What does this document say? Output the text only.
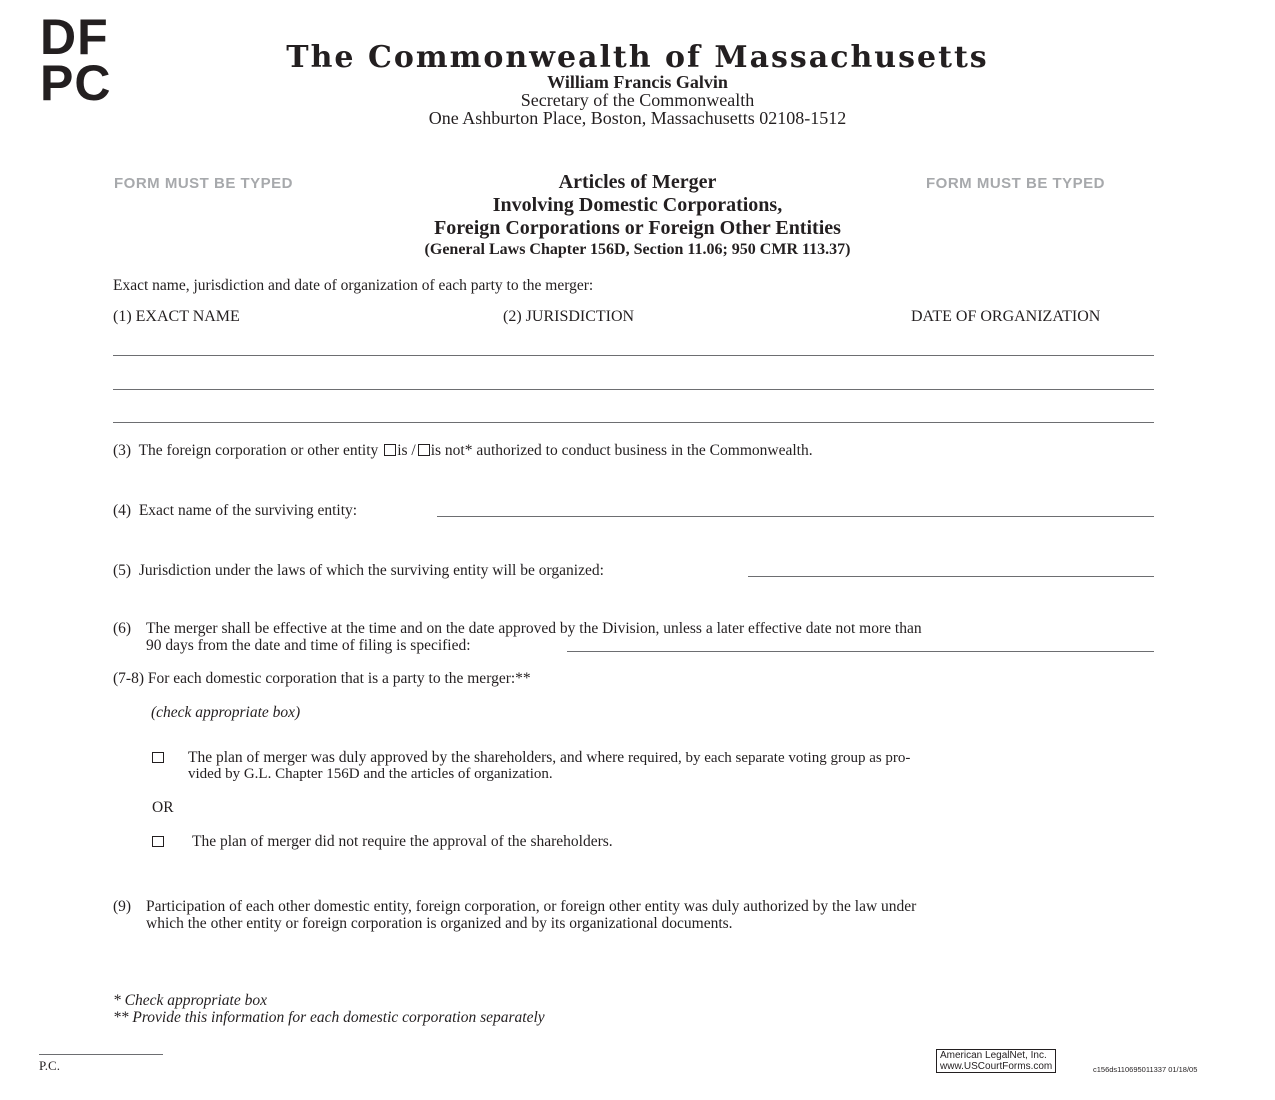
DF
PC	The Commonwealth of Massachusetts
William Francis Galvin
Secretary of the Commonwealth
One Ashburton Place, Boston, Massachusetts 02108-1512
FORM MUST BE TYPED	FORM MUST BE TYPED
Articles of Merger
Involving Domestic Corporations,
Foreign Corporations or Foreign Other Entities
(General Laws Chapter 156D, Section 11.06; 950 CMR 113.37)
Exact name, jurisdiction and date of organization of each party to the merger:
(1) EXACT NAME	(2) JURISDICTION	DATE OF ORGANIZATION
(3) The foreign corporation or other entity is / is not* authorized to conduct business in the Commonwealth.
(4) Exact name of the surviving entity:
(5) Jurisdiction under the laws of which the surviving entity will be organized:
(6) The merger shall be effective at the time and on the date approved by the Division, unless a later effective date not more than
90 days from the date and time of filing is specified:
(7-8) For each domestic corporation that is a party to the merger:**
(check appropriate box)
The plan of merger was duly approved by the shareholders, and where required, by each separate voting group as pro-
vided by G.L. Chapter 156D and the articles of organization.
OR
The plan of merger did not require the approval of the shareholders.
(9) Participation of each other domestic entity, foreign corporation, or foreign other entity was duly authorized by the law under
which the other entity or foreign corporation is organized and by its organizational documents.
* Check appropriate box
** Provide this information for each domestic corporation separately
P.C.
American LegalNet, Inc.
www.USCourtForms.com	c156ds110695011337 01/18/05
